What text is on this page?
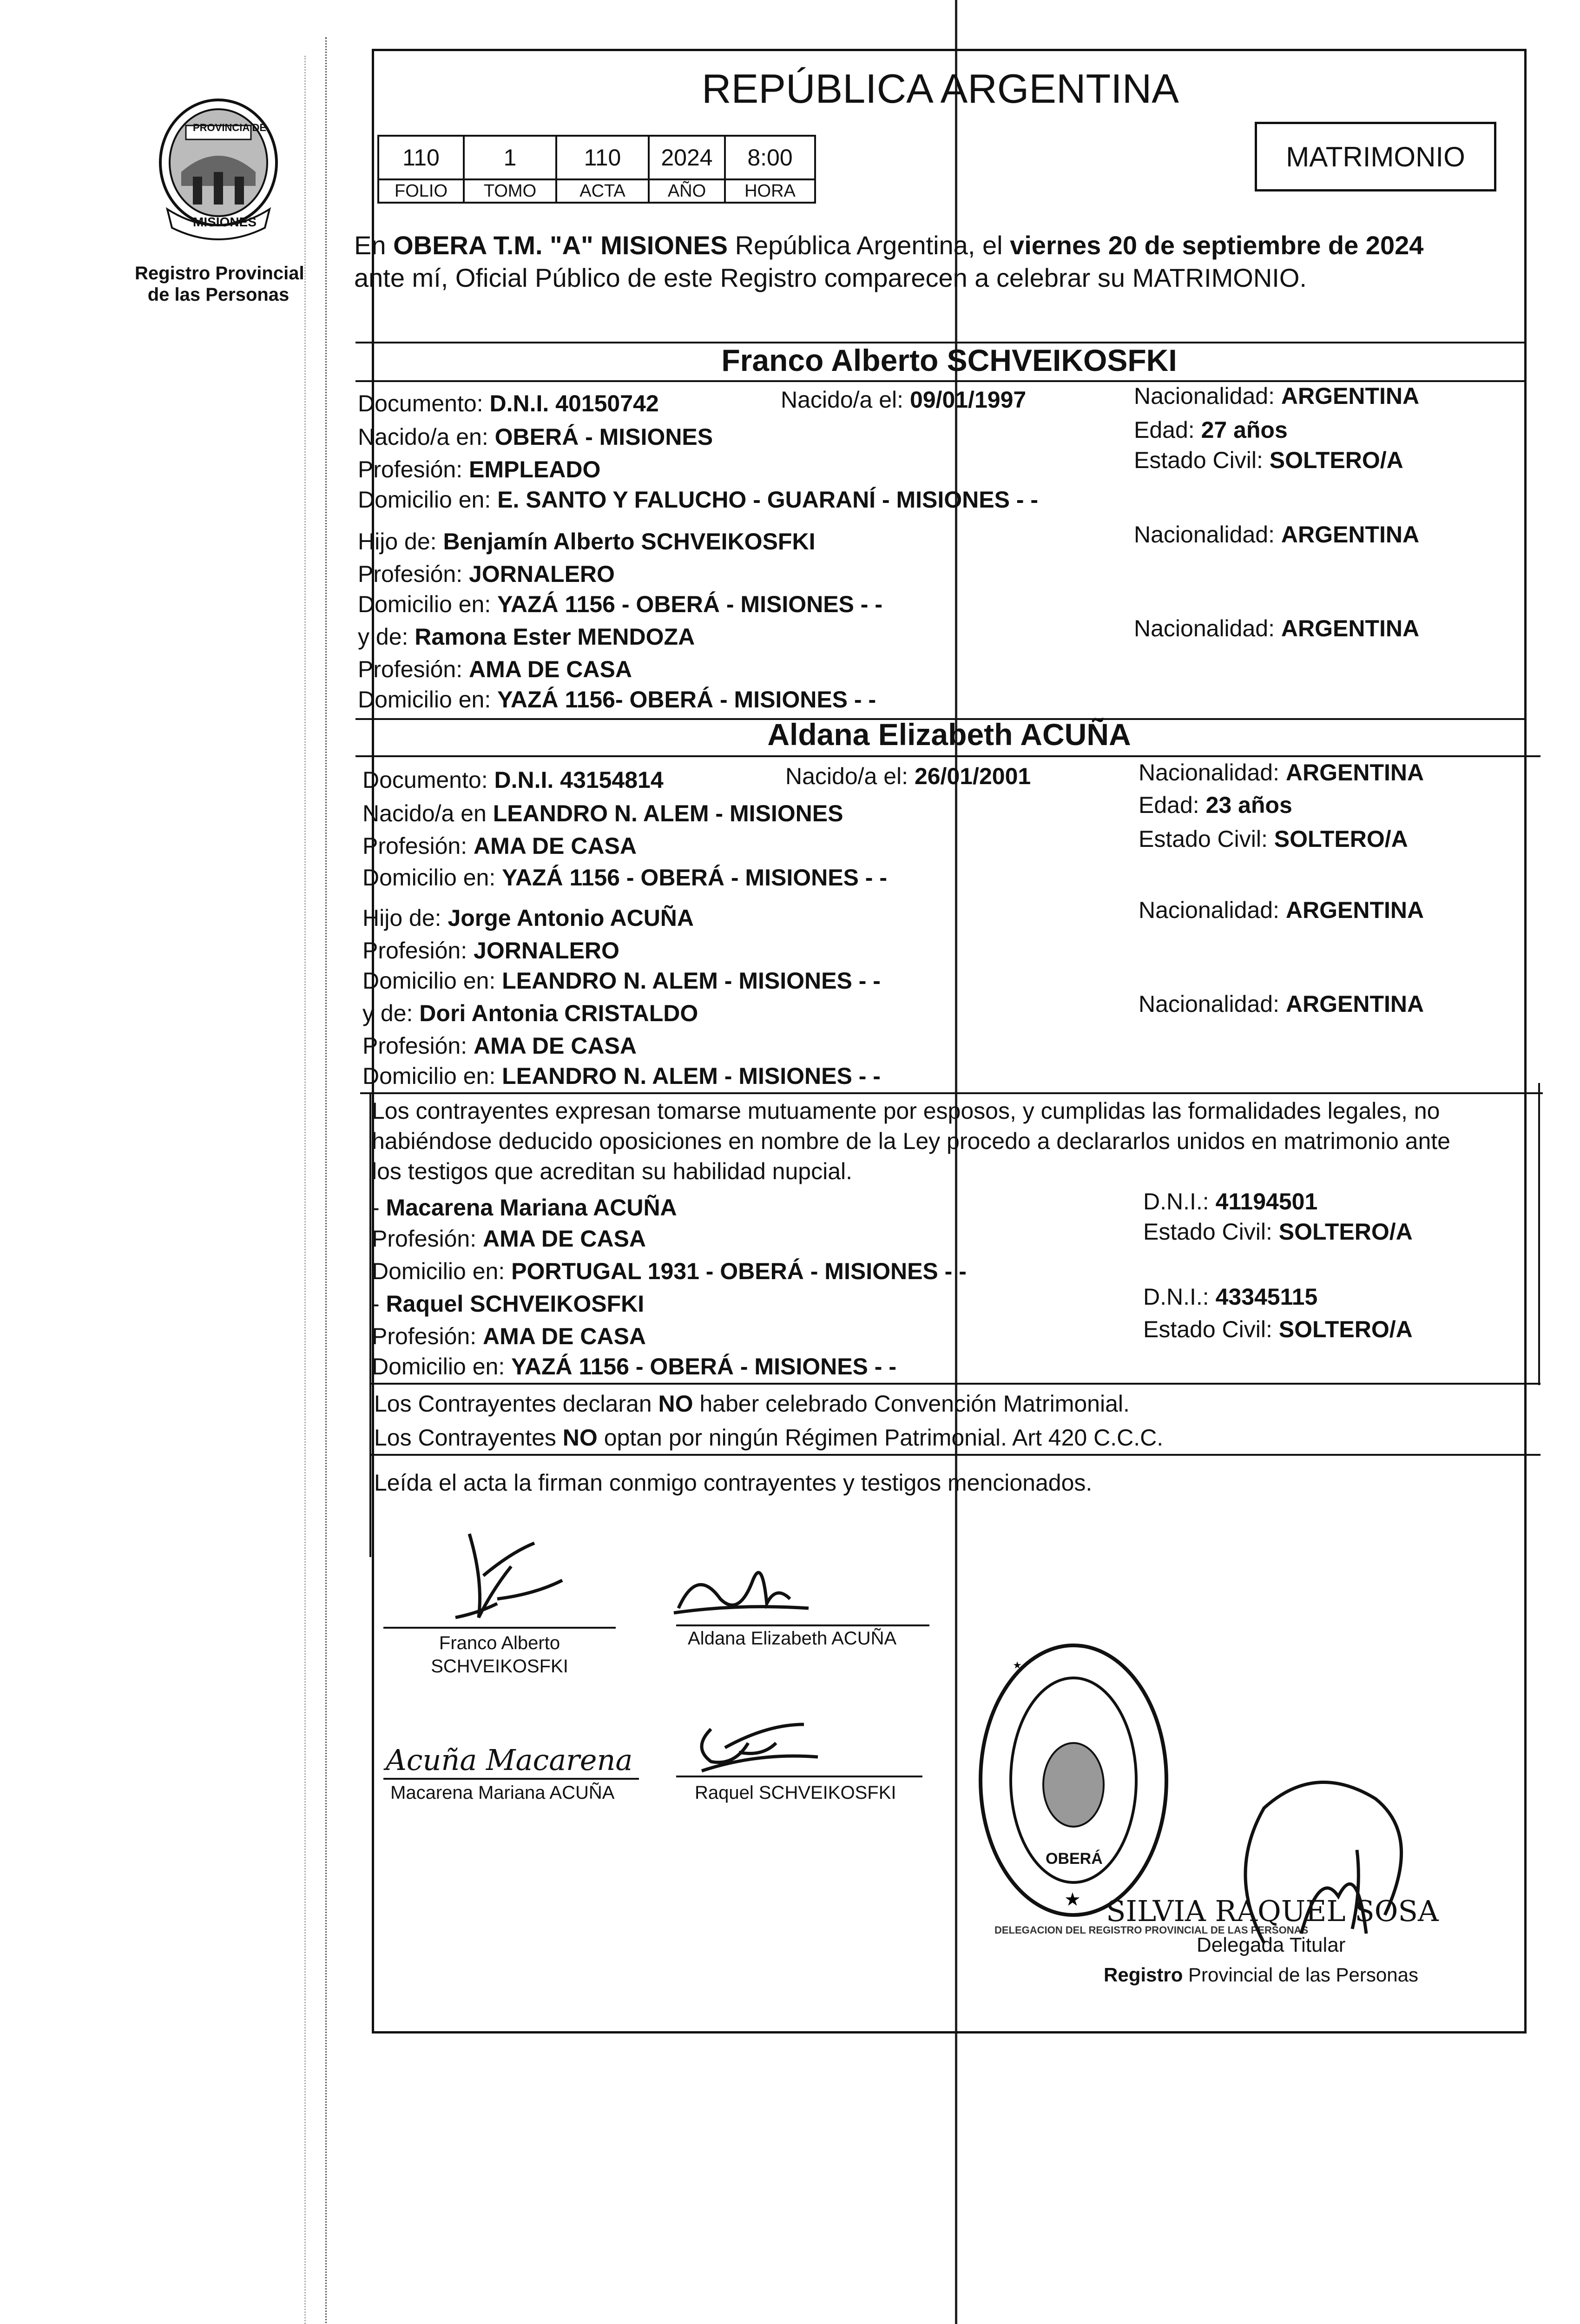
PROVINCIA DE
MISIONES
Registro Provincial
de las Personas
REPÚBLICA ARGENTINA
110	1	110	2024	8:00
FOLIO	TOMO	ACTA	AÑO	HORA
MATRIMONIO
En OBERA T.M. "A" MISIONES República Argentina, el viernes 20 de septiembre de 2024
ante mí, Oficial Público de este Registro comparecen a celebrar su MATRIMONIO.
Franco Alberto SCHVEIKOSFKI
Documento: D.N.I. 40150742	Nacido/a el: 09/01/1997	Nacionalidad: ARGENTINA
Nacido/a en: OBERÁ - MISIONES	Edad: 27 años
Profesión: EMPLEADO	Estado Civil: SOLTERO/A
Domicilio en: E. SANTO Y FALUCHO - GUARANÍ - MISIONES - -
Hijo de: Benjamín Alberto SCHVEIKOSFKI	Nacionalidad: ARGENTINA
Profesión: JORNALERO
Domicilio en: YAZÁ 1156 - OBERÁ - MISIONES - -
y de: Ramona Ester MENDOZA	Nacionalidad: ARGENTINA
Profesión: AMA DE CASA
Domicilio en: YAZÁ 1156- OBERÁ - MISIONES - -
Aldana Elizabeth ACUÑA
Documento: D.N.I. 43154814	Nacido/a el: 26/01/2001	Nacionalidad: ARGENTINA
Nacido/a en LEANDRO N. ALEM - MISIONES	Edad: 23 años
Profesión: AMA DE CASA	Estado Civil: SOLTERO/A
Domicilio en: YAZÁ 1156 - OBERÁ - MISIONES - -
Hijo de: Jorge Antonio ACUÑA	Nacionalidad: ARGENTINA
Profesión: JORNALERO
Domicilio en: LEANDRO N. ALEM - MISIONES - -
y de: Dori Antonia CRISTALDO	Nacionalidad: ARGENTINA
Profesión: AMA DE CASA
Domicilio en: LEANDRO N. ALEM - MISIONES - -
Los contrayentes expresan tomarse mutuamente por esposos, y cumplidas las formalidades legales, no
habiéndose deducido oposiciones en nombre de la Ley procedo a declararlos unidos en matrimonio ante
los testigos que acreditan su habilidad nupcial.
- Macarena Mariana ACUÑA	D.N.I.: 41194501
Profesión: AMA DE CASA	Estado Civil: SOLTERO/A
Domicilio en: PORTUGAL 1931 - OBERÁ - MISIONES - -
- Raquel SCHVEIKOSFKI	D.N.I.: 43345115
Profesión: AMA DE CASA	Estado Civil: SOLTERO/A
Domicilio en: YAZÁ 1156 - OBERÁ - MISIONES - -
Los Contrayentes declaran NO haber celebrado Convención Matrimonial.
Los Contrayentes NO optan por ningún Régimen Patrimonial. Art 420 C.C.C.
Leída el acta la firman conmigo contrayentes y testigos mencionados.
Franco Alberto
SCHVEIKOSFKI
Aldana Elizabeth ACUÑA
Acuña Macarena
Macarena Mariana ACUÑA	Raquel SCHVEIKOSFKI
★
★
OBERÁ
DELEGACION DEL REGISTRO PROVINCIAL DE LAS PERSONAS
SILVIA RAQUEL SOSA
Delegada Titular
Registro Provincial de las Personas
